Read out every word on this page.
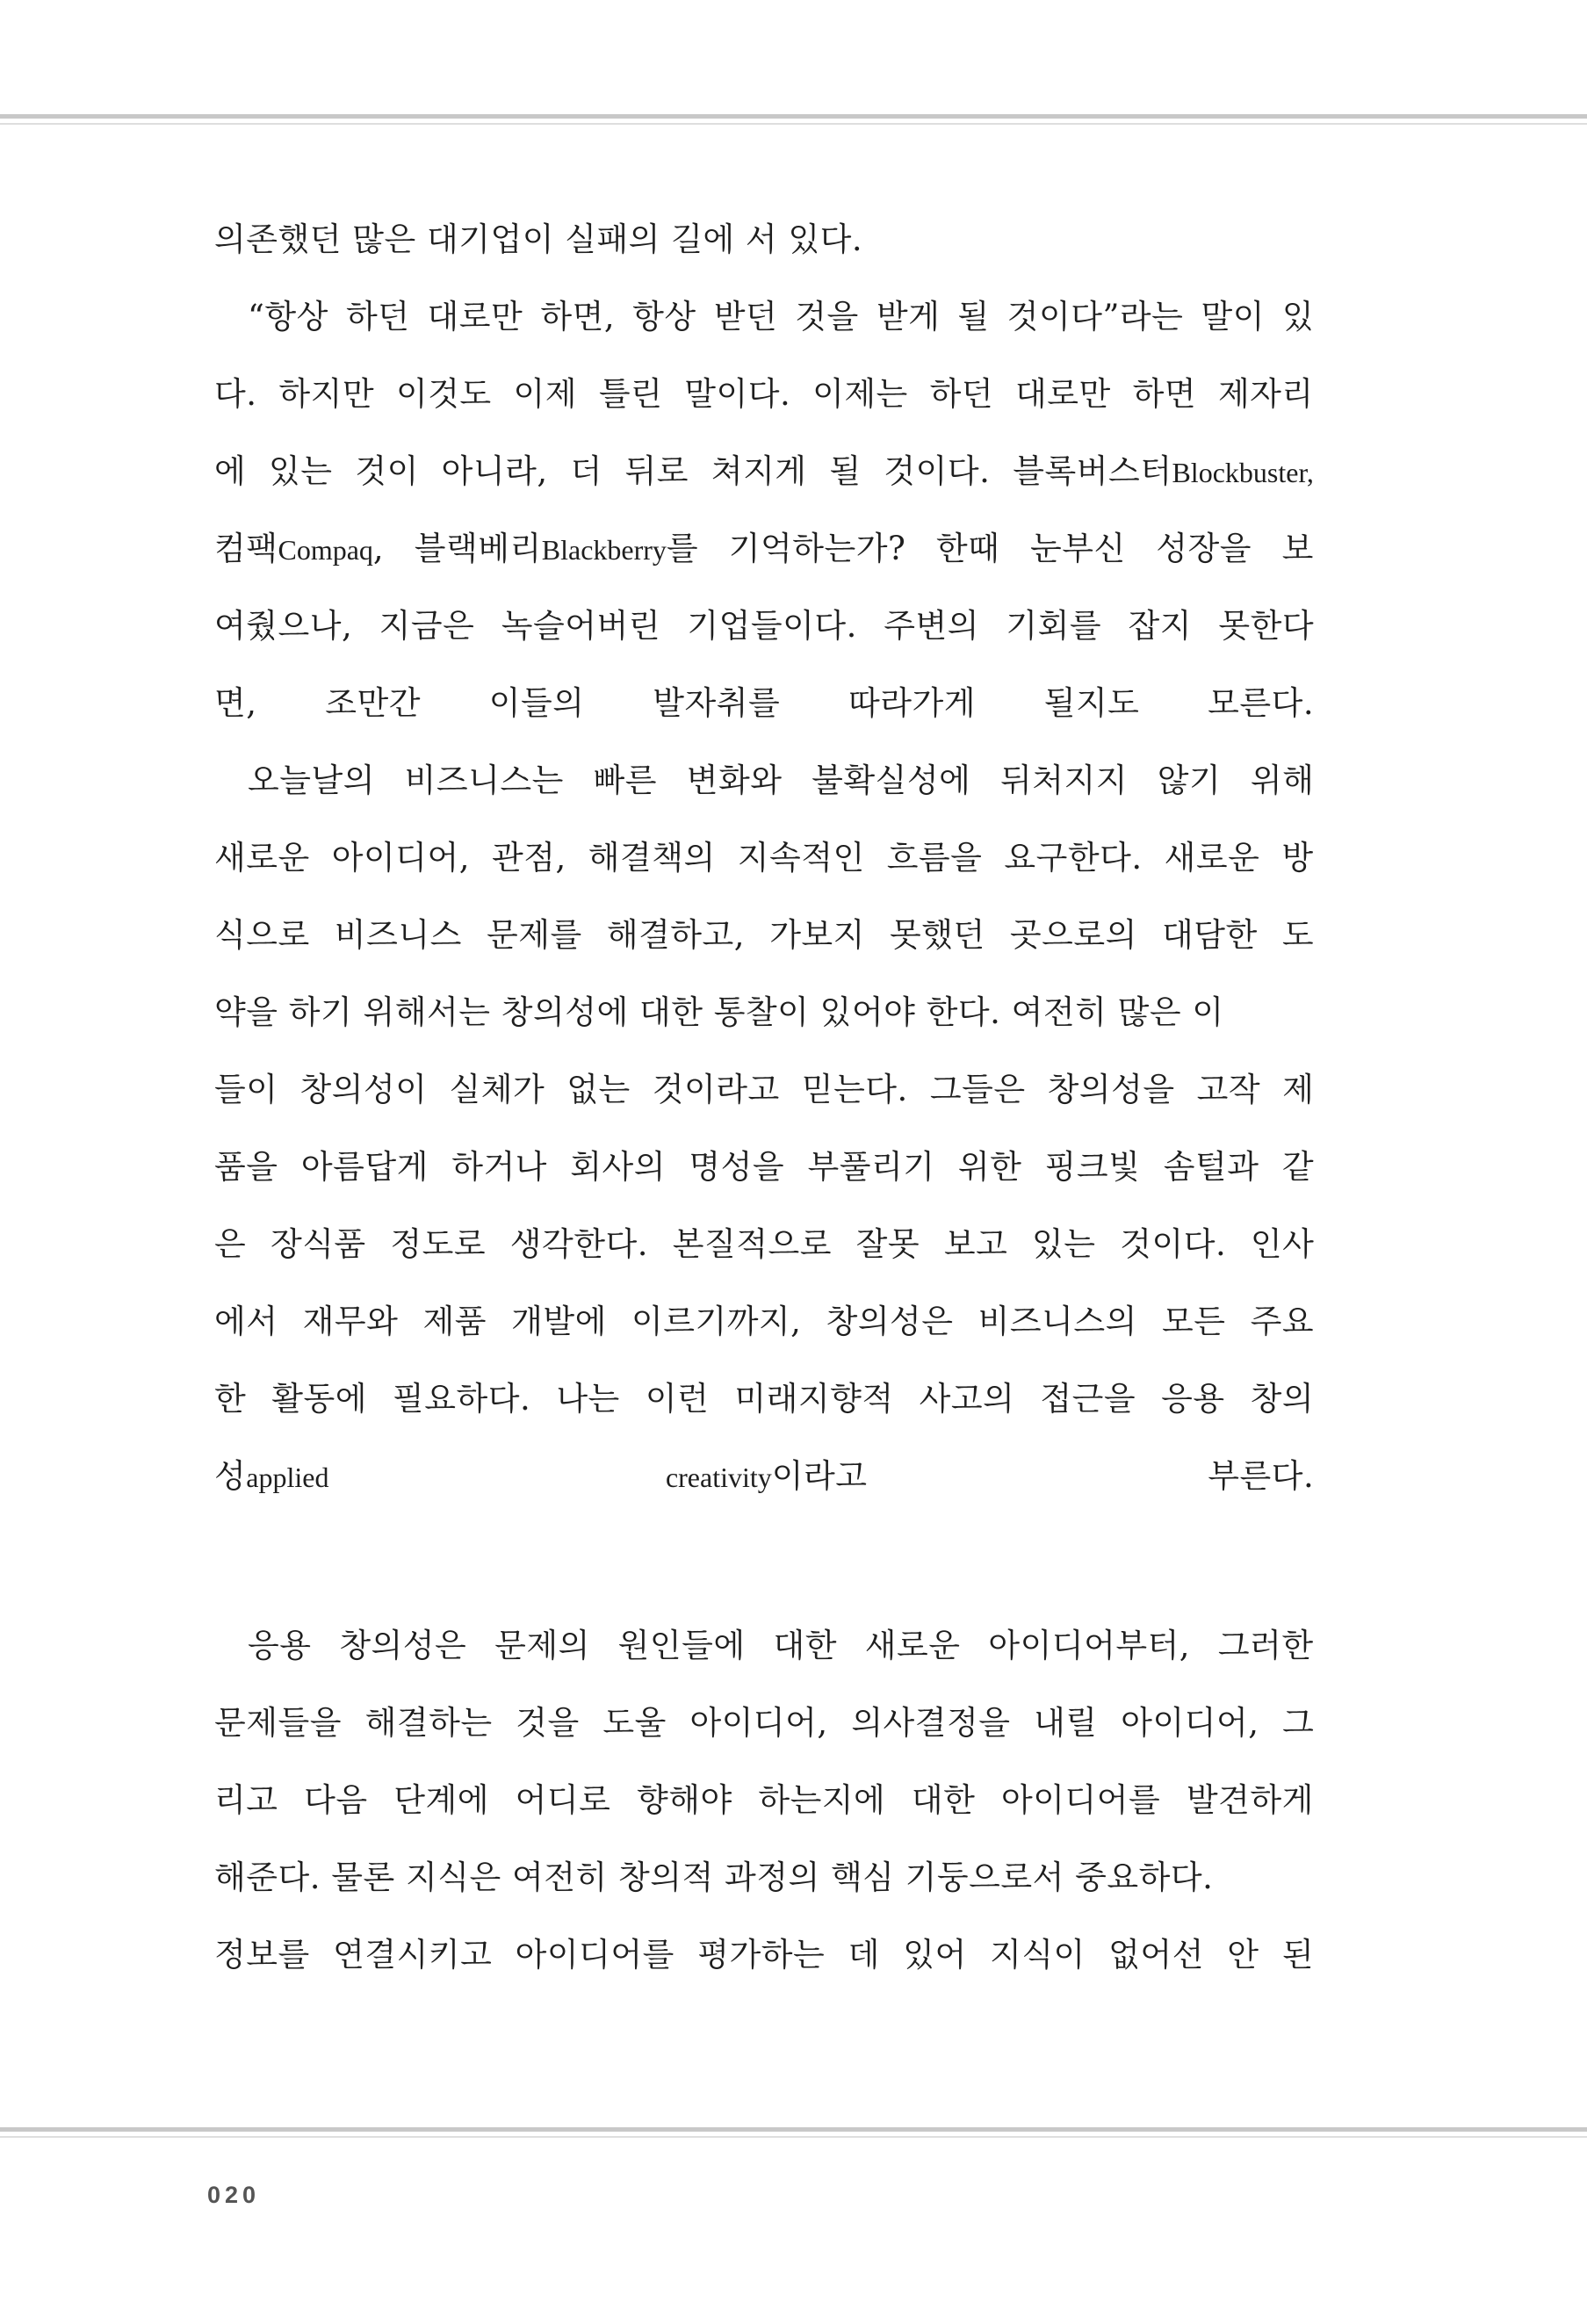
의존했던 많은 대기업이 실패의 길에 서 있다.
“항상 하던 대로만 하면, 항상 받던 것을 받게 될 것이다”라는 말이 있
다. 하지만 이것도 이제 틀린 말이다. 이제는 하던 대로만 하면 제자리
에 있는 것이 아니라, 더 뒤로 쳐지게 될 것이다. 블록버스터Blockbuster,
컴팩Compaq, 블랙베리Blackberry를 기억하는가? 한때 눈부신 성장을 보
여줬으나, 지금은 녹슬어버린 기업들이다. 주변의 기회를 잡지 못한다
면, 조만간 이들의 발자취를 따라가게 될지도 모른다.
오늘날의 비즈니스는 빠른 변화와 불확실성에 뒤처지지 않기 위해
새로운 아이디어, 관점, 해결책의 지속적인 흐름을 요구한다. 새로운 방
식으로 비즈니스 문제를 해결하고, 가보지 못했던 곳으로의 대담한 도
약을 하기 위해서는 창의성에 대한 통찰이 있어야 한다. 여전히 많은 이
들이 창의성이 실체가 없는 것이라고 믿는다. 그들은 창의성을 고작 제
품을 아름답게 하거나 회사의 명성을 부풀리기 위한 핑크빛 솜털과 같
은 장식품 정도로 생각한다. 본질적으로 잘못 보고 있는 것이다. 인사
에서 재무와 제품 개발에 이르기까지, 창의성은 비즈니스의 모든 주요
한 활동에 필요하다. 나는 이런 미래지향적 사고의 접근을 응용 창의
성applied creativity이라고 부른다.
응용 창의성은 문제의 원인들에 대한 새로운 아이디어부터, 그러한
문제들을 해결하는 것을 도울 아이디어, 의사결정을 내릴 아이디어, 그
리고 다음 단계에 어디로 향해야 하는지에 대한 아이디어를 발견하게
해준다. 물론 지식은 여전히 창의적 과정의 핵심 기둥으로서 중요하다.
정보를 연결시키고 아이디어를 평가하는 데 있어 지식이 없어선 안 된
020
